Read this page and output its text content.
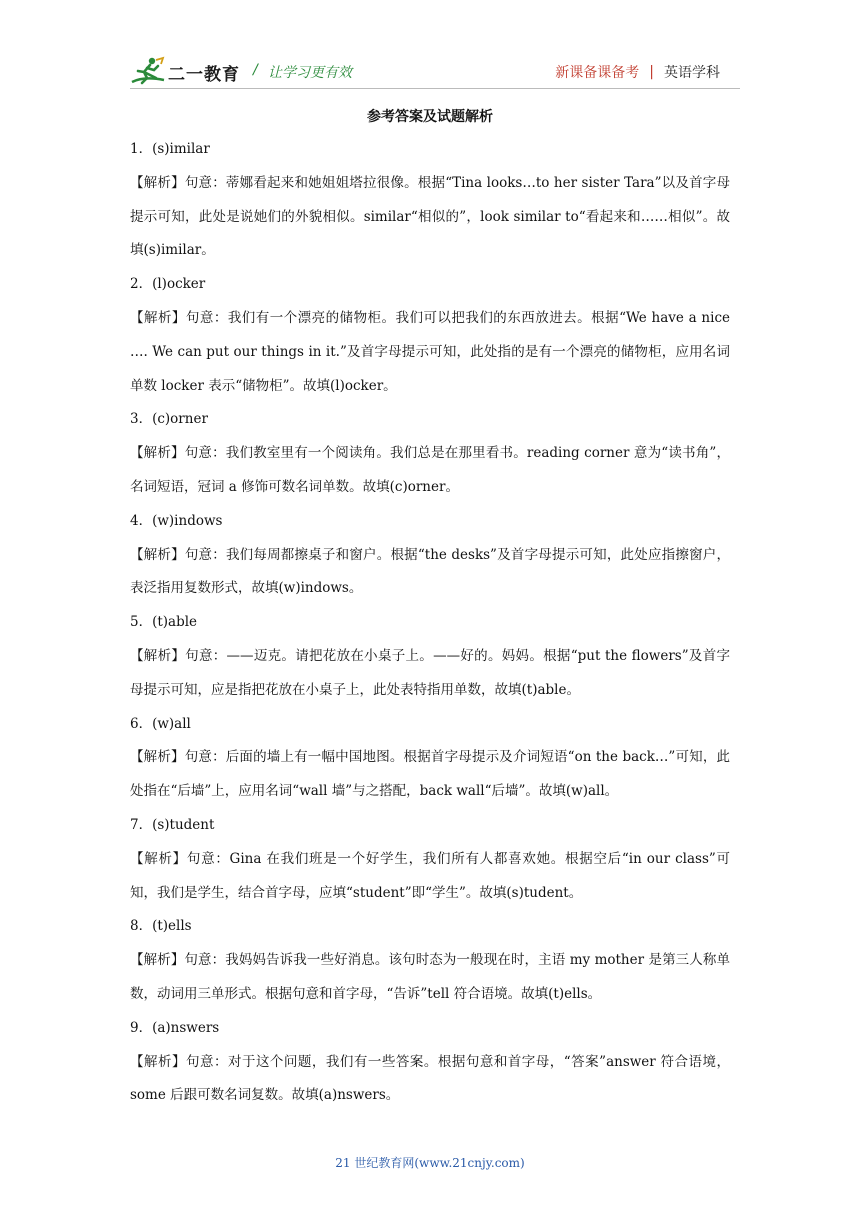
二一教育 / 让学习更有效	新课备课备考 | 英语学科
参考答案及试题解析

1．(s)imilar

【解析】句意：蒂娜看起来和她姐姐塔拉很像。根据“Tina looks…to her sister Tara”以及首字母提示可知，此处是说她们的外貌相似。similar“相似的”，look similar to“看起来和……相似”。故填(s)imilar。

2．(l)ocker

【解析】句意：我们有一个漂亮的储物柜。我们可以把我们的东西放进去。根据“We have a nice …. We can put our things in it.”及首字母提示可知，此处指的是有一个漂亮的储物柜，应用名词单数 locker 表示“储物柜”。故填(l)ocker。

3．(c)orner

【解析】句意：我们教室里有一个阅读角。我们总是在那里看书。reading corner 意为“读书角”，名词短语，冠词 a 修饰可数名词单数。故填(c)orner。

4．(w)indows

【解析】句意：我们每周都擦桌子和窗户。根据“the desks”及首字母提示可知，此处应指擦窗户，表泛指用复数形式，故填(w)indows。

5．(t)able

【解析】句意：——迈克。请把花放在小桌子上。——好的。妈妈。根据“put the flowers”及首字母提示可知，应是指把花放在小桌子上，此处表特指用单数，故填(t)able。

6．(w)all

【解析】句意：后面的墙上有一幅中国地图。根据首字母提示及介词短语“on the back…”可知，此处指在“后墙”上，应用名词“wall 墙”与之搭配，back wall“后墙”。故填(w)all。

7．(s)tudent

【解析】句意：Gina 在我们班是一个好学生，我们所有人都喜欢她。根据空后“in our class”可知，我们是学生，结合首字母，应填“student”即“学生”。故填(s)tudent。

8．(t)ells

【解析】句意：我妈妈告诉我一些好消息。该句时态为一般现在时，主语 my mother 是第三人称单数，动词用三单形式。根据句意和首字母，“告诉”tell 符合语境。故填(t)ells。

9．(a)nswers

【解析】句意：对于这个问题，我们有一些答案。根据句意和首字母，“答案”answer 符合语境，some 后跟可数名词复数。故填(a)nswers。

21 世纪教育网(www.21cnjy.com)
